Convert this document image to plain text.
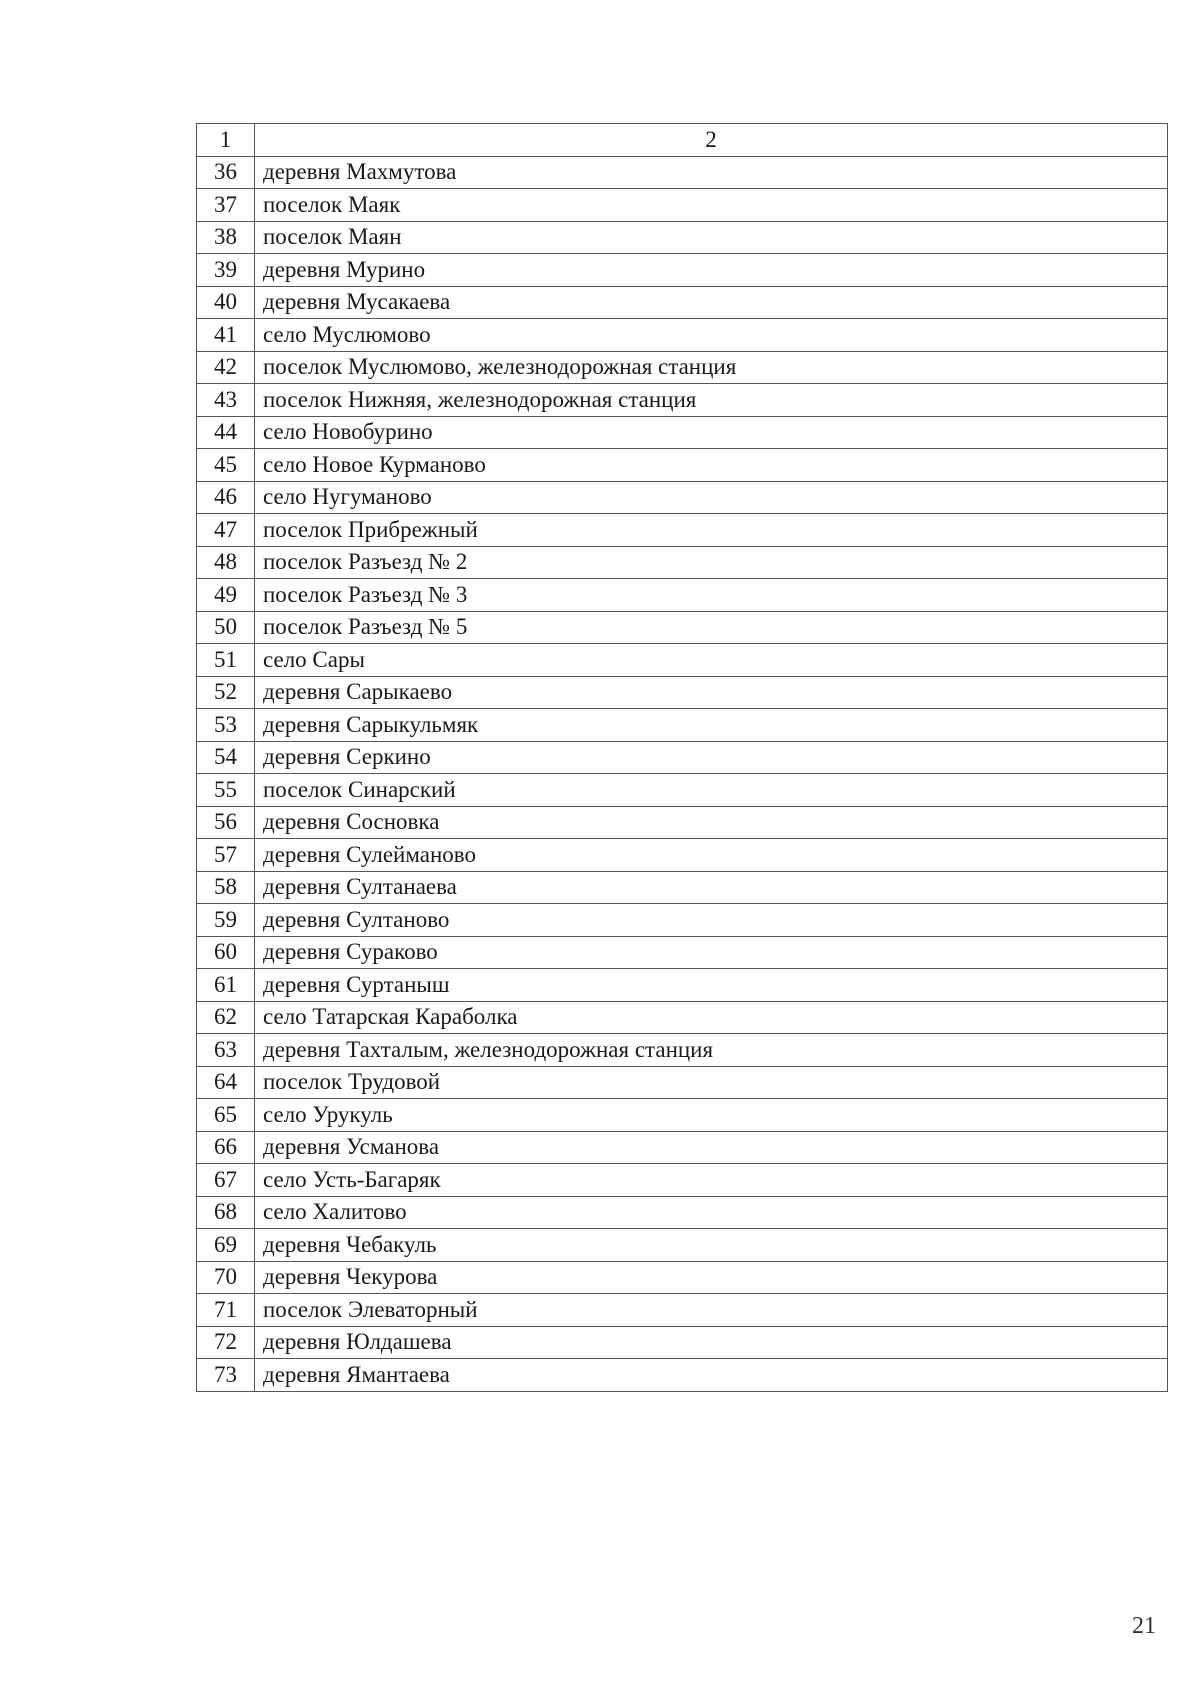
1	2
36	деревня Махмутова
37	поселок Маяк
38	поселок Маян
39	деревня Мурино
40	деревня Мусакаева
41	село Муслюмово
42	поселок Муслюмово, железнодорожная станция
43	поселок Нижняя, железнодорожная станция
44	село Новобурино
45	село Новое Курманово
46	село Нугуманово
47	поселок Прибрежный
48	поселок Разъезд № 2
49	поселок Разъезд № 3
50	поселок Разъезд № 5
51	село Сары
52	деревня Сарыкаево
53	деревня Сарыкульмяк
54	деревня Серкино
55	поселок Синарский
56	деревня Сосновка
57	деревня Сулейманово
58	деревня Султанаева
59	деревня Султаново
60	деревня Сураково
61	деревня Суртаныш
62	село Татарская Караболка
63	деревня Тахталым, железнодорожная станция
64	поселок Трудовой
65	село Урукуль
66	деревня Усманова
67	село Усть-Багаряк
68	село Халитово
69	деревня Чебакуль
70	деревня Чекурова
71	поселок Элеваторный
72	деревня Юлдашева
73	деревня Ямантаева
21
